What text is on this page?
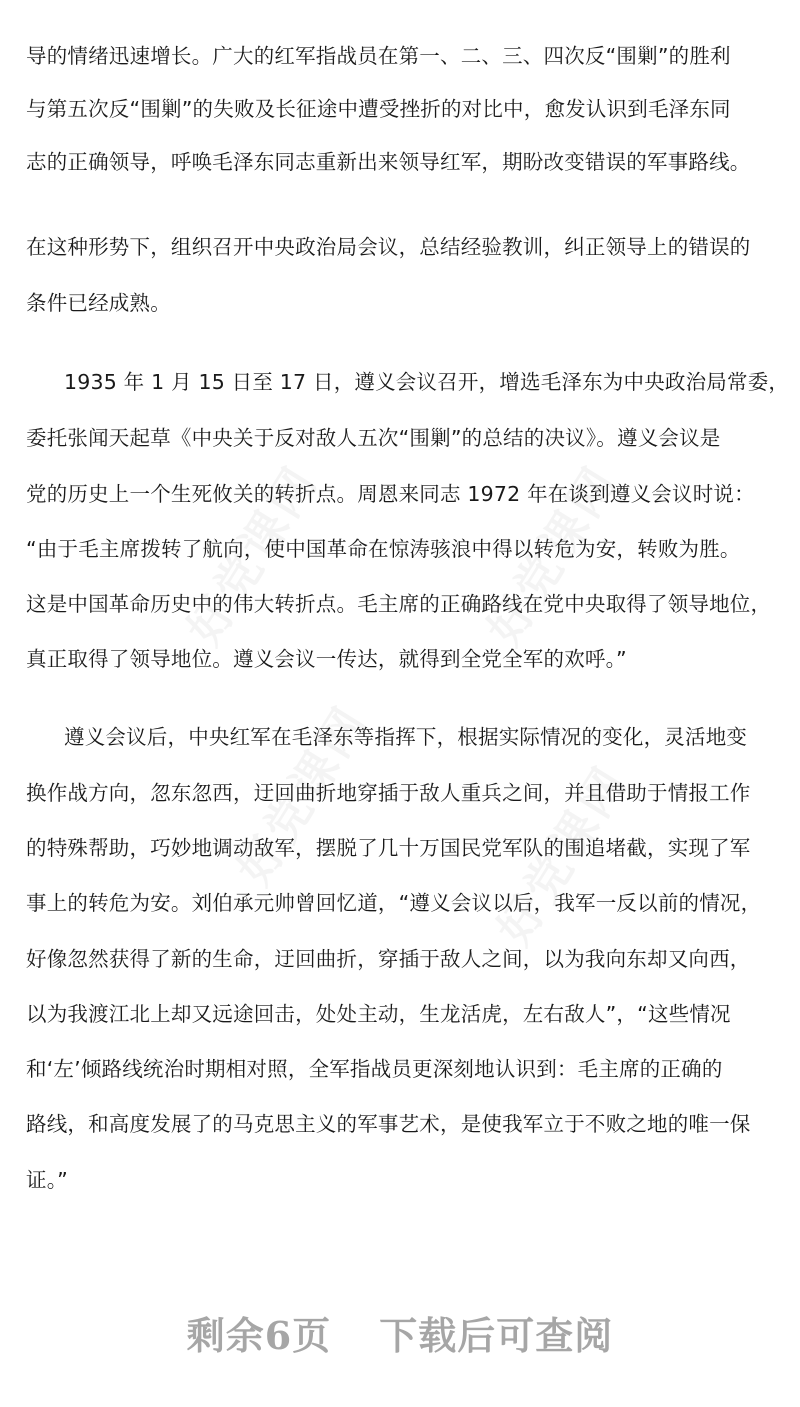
导的情绪迅速增长。广大的红军指战员在第一、二、三、四次反“围剿”的胜利
与第五次反“围剿”的失败及长征途中遭受挫折的对比中，愈发认识到毛泽东同
志的正确领导，呼唤毛泽东同志重新出来领导红军，期盼改变错误的军事路线。
在这种形势下，组织召开中央政治局会议，总结经验教训，纠正领导上的错误的
条件已经成熟。
1935 年 1 月 15 日至 17 日，遵义会议召开，增选毛泽东为中央政治局常委，
委托张闻天起草《中央关于反对敌人五次“围剿”的总结的决议》。遵义会议是
党的历史上一个生死攸关的转折点。周恩来同志 1972 年在谈到遵义会议时说：
“由于毛主席拨转了航向，使中国革命在惊涛骇浪中得以转危为安，转败为胜。
这是中国革命历史中的伟大转折点。毛主席的正确路线在党中央取得了领导地位，
真正取得了领导地位。遵义会议一传达，就得到全党全军的欢呼。”
遵义会议后，中央红军在毛泽东等指挥下，根据实际情况的变化，灵活地变
换作战方向，忽东忽西，迂回曲折地穿插于敌人重兵之间，并且借助于情报工作
的特殊帮助，巧妙地调动敌军，摆脱了几十万国民党军队的围追堵截，实现了军
事上的转危为安。刘伯承元帅曾回忆道，“遵义会议以后，我军一反以前的情况，
好像忽然获得了新的生命，迂回曲折，穿插于敌人之间，以为我向东却又向西，
以为我渡江北上却又远途回击，处处主动，生龙活虎，左右敌人”，“这些情况
和‘左’倾路线统治时期相对照，全军指战员更深刻地认识到：毛主席的正确的
路线，和高度发展了的马克思主义的军事艺术，是使我军立于不败之地的唯一保
证。”
剩余6页 下载后可查阅
